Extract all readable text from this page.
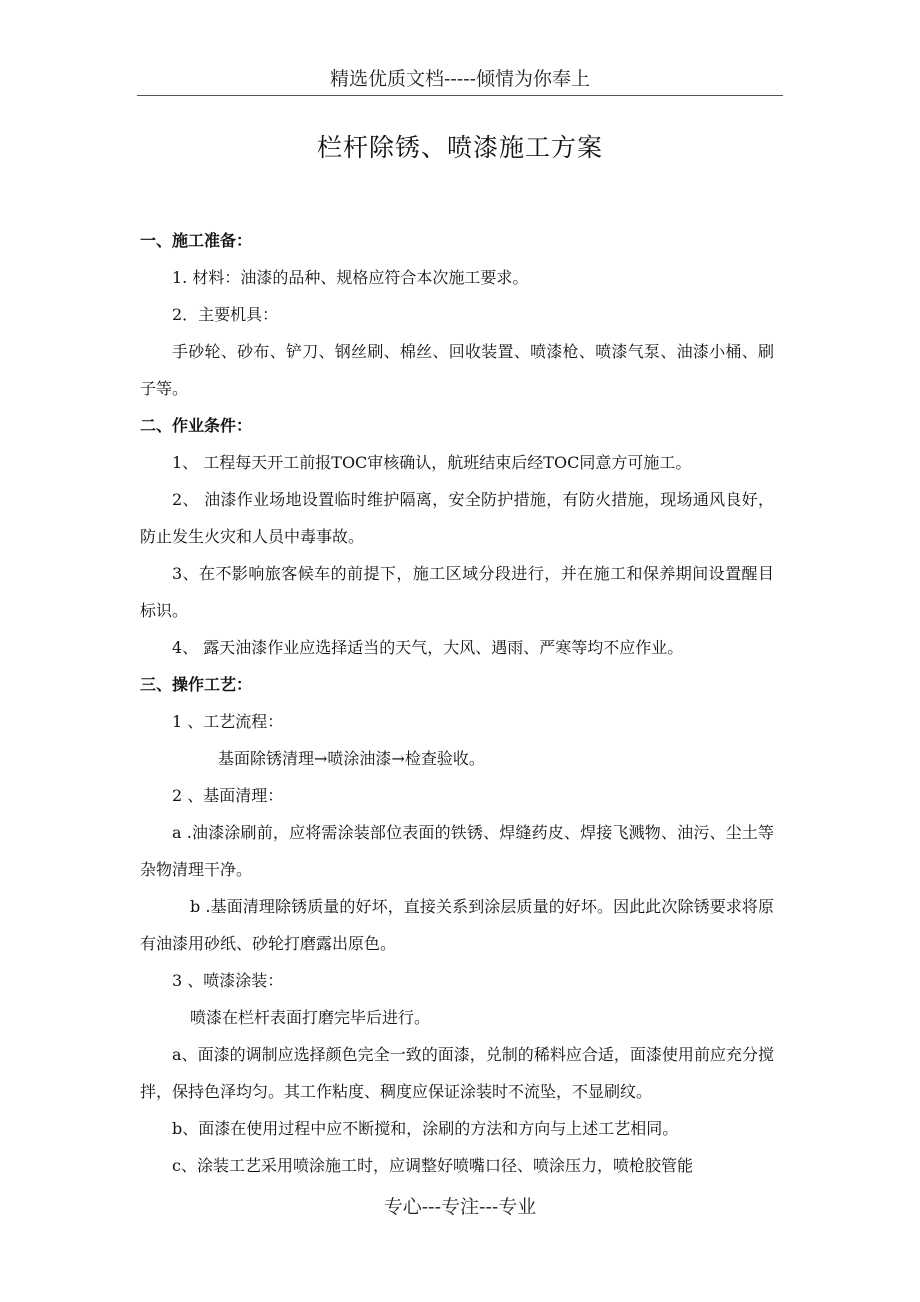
精选优质文档-----倾情为你奉上
栏杆除锈、喷漆施工方案

一、施工准备：

1. 材料：油漆的品种、规格应符合本次施工要求。

2．主要机具：

手砂轮、砂布、铲刀、钢丝刷、棉丝、回收装置、喷漆枪、喷漆气泵、油漆小桶、刷子等。

二、作业条件：

1、 工程每天开工前报TOC审核确认，航班结束后经TOC同意方可施工。

2、 油漆作业场地设置临时维护隔离，安全防护措施，有防火措施，现场通风良好，防止发生火灾和人员中毒事故。

3、在不影响旅客候车的前提下，施工区域分段进行，并在施工和保养期间设置醒目标识。

4、 露天油漆作业应选择适当的天气，大风、遇雨、严寒等均不应作业。

三、操作工艺：

1 、工艺流程：

基面除锈清理→喷涂油漆→检查验收。

2 、基面清理：

a .油漆涂刷前，应将需涂装部位表面的铁锈、焊缝药皮、焊接飞溅物、油污、尘土等杂物清理干净。

b .基面清理除锈质量的好坏，直接关系到涂层质量的好坏。因此此次除锈要求将原有油漆用砂纸、砂轮打磨露出原色。

3 、喷漆涂装：

喷漆在栏杆表面打磨完毕后进行。

a、面漆的调制应选择颜色完全一致的面漆，兑制的稀料应合适，面漆使用前应充分搅拌，保持色泽均匀。其工作粘度、稠度应保证涂装时不流坠，不显刷纹。

b、面漆在使用过程中应不断搅和，涂刷的方法和方向与上述工艺相同。

c、涂装工艺采用喷涂施工时，应调整好喷嘴口径、喷涂压力，喷枪胶管能

专心---专注---专业
